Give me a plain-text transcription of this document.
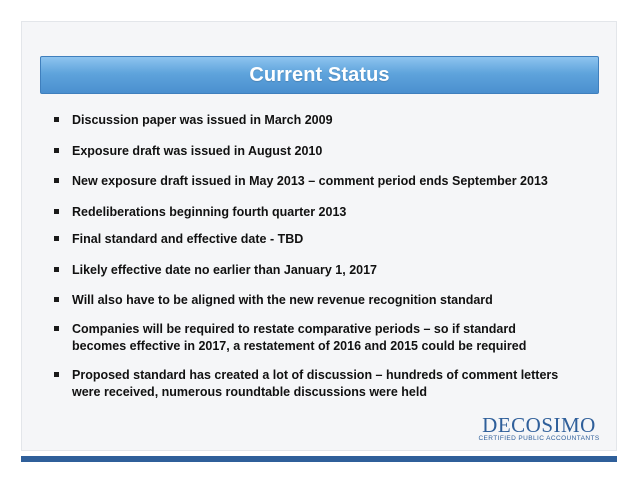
Current Status
Discussion paper was issued in March 2009
Exposure draft was issued in August 2010
New exposure draft issued in May 2013 – comment period ends September 2013
Redeliberations beginning fourth quarter 2013
Final standard and effective date - TBD
Likely effective date no earlier than January 1, 2017
Will also have to be aligned with the new revenue recognition standard
Companies will be required to restate comparative periods – so if standard
becomes effective in 2017, a restatement of 2016 and 2015 could be required
Proposed standard has created a lot of discussion – hundreds of comment letters
were received, numerous roundtable discussions were held
DECOSIMO
CERTIFIED PUBLIC ACCOUNTANTS
